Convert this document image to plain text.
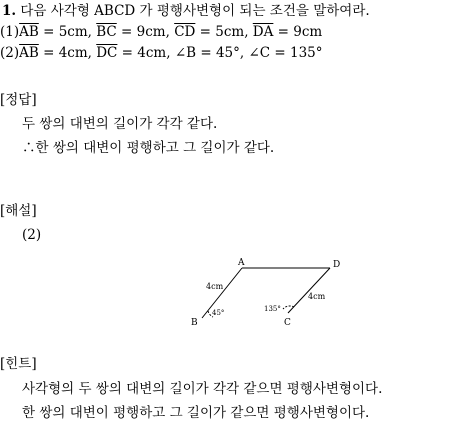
1. 다음 사각형 ABCD 가 평행사변형이 되는 조건을 말하여라.
$(1)\overline{AB} = 5cm$, $\overline{BC} = 9cm$, $\overline{CD} = 5cm$, $\overline{DA} = 9cm$
$(2)\overline{AB} = 4cm$, $\overline{DC} = 4cm$, ∠B = 45°, ∠C = 135°
[정답]
두 쌍의 대변의 길이가 각각 같다.
∴한 쌍의 대변이 평행하고 그 길이가 같다.
[해설]
(2)
A	D
B	C
4cm
4cm
45°	135°
[힌트]
사각형의 두 쌍의 대변의 길이가 각각 같으면 평행사변형이다.
한 쌍의 대변이 평행하고 그 길이가 같으면 평행사변형이다.
